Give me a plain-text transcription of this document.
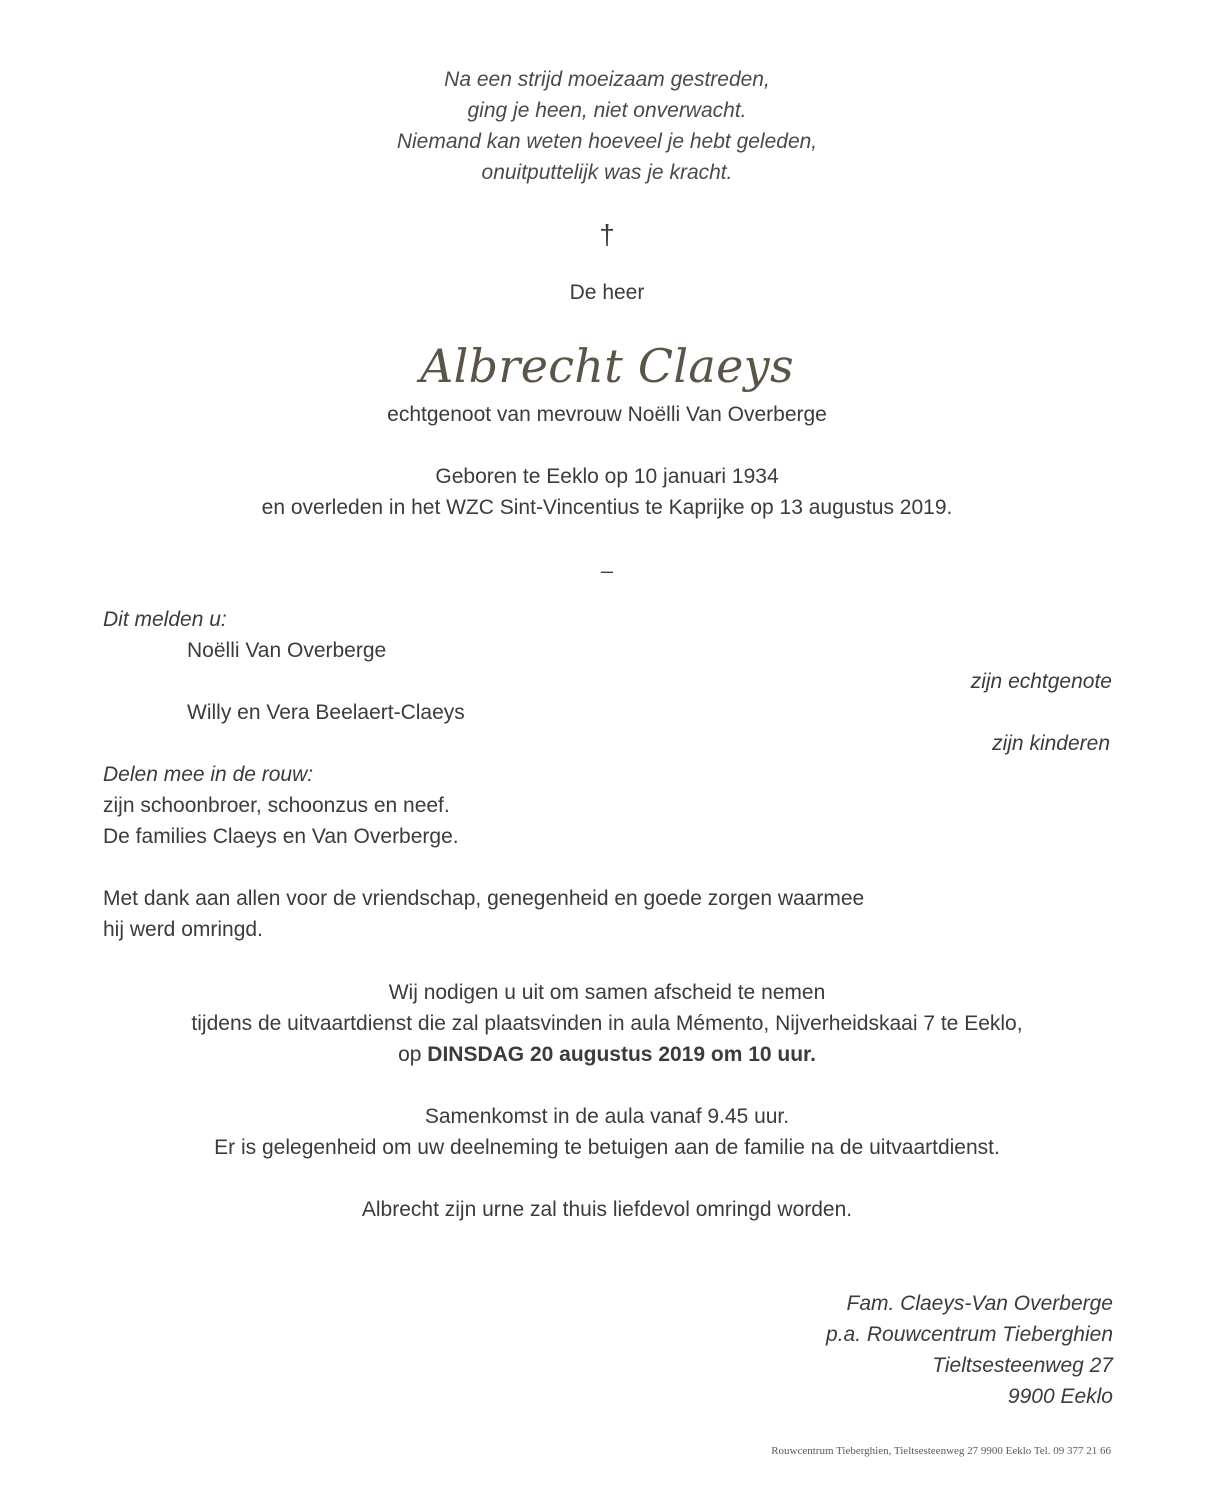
Na een strijd moeizaam gestreden,
ging je heen, niet onverwacht.
Niemand kan weten hoeveel je hebt geleden,
onuitputtelijk was je kracht.
†
De heer
Albrecht Claeys
echtgenoot van mevrouw Noëlli Van Overberge
Geboren te Eeklo op 10 januari 1934
en overleden in het WZC Sint-Vincentius te Kaprijke op 13 augustus 2019.
_
Dit melden u:
Noëlli Van Overberge
zijn echtgenote
Willy en Vera Beelaert-Claeys
zijn kinderen
Delen mee in de rouw:
zijn schoonbroer, schoonzus en neef.
De families Claeys en Van Overberge.
Met dank aan allen voor de vriendschap, genegenheid en goede zorgen waarmee
hij werd omringd.
Wij nodigen u uit om samen afscheid te nemen
tijdens de uitvaartdienst die zal plaatsvinden in aula Mémento, Nijverheidskaai 7 te Eeklo,
op DINSDAG 20 augustus 2019 om 10 uur.
Samenkomst in de aula vanaf 9.45 uur.
Er is gelegenheid om uw deelneming te betuigen aan de familie na de uitvaartdienst.
Albrecht zijn urne zal thuis liefdevol omringd worden.
Fam. Claeys-Van Overberge
p.a. Rouwcentrum Tieberghien
Tieltsesteenweg 27
9900 Eeklo
Rouwcentrum Tieberghien, Tieltsesteenweg 27 9900 Eeklo Tel. 09 377 21 66
